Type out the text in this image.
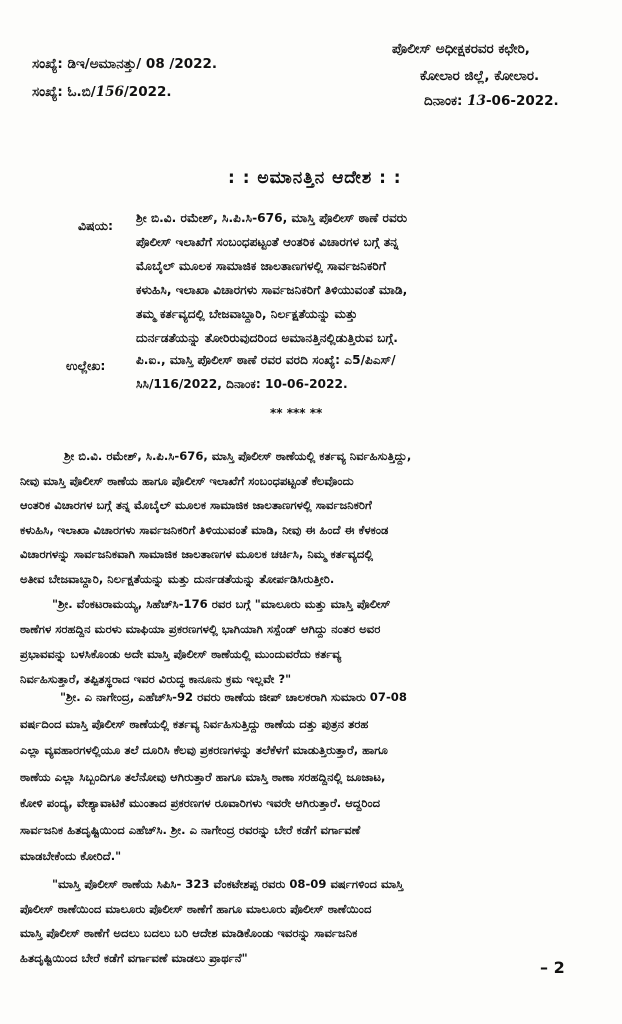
ಸಂಖ್ಯೆ: ಡಿಇ/ಅಮಾನತ್ತು/ 08 /2022.
ಸಂಖ್ಯೆ: ಓ.ಬಿ/156/2022.
ಪೊಲೀಸ್ ಅಧೀಕ್ಷಕರವರ ಕಛೇರಿ,
ಕೋಲಾರ ಜಿಲ್ಲೆ, ಕೋಲಾರ.
ದಿನಾಂಕ: 13-06-2022.
: : ಅಮಾನತ್ತಿನ ಆದೇಶ : :
ವಿಷಯ: ಶ್ರೀ ಬಿ.ವಿ. ರಮೇಶ್, ಸಿ.ಪಿ.ಸಿ-676, ಮಾಸ್ತಿ ಪೊಲೀಸ್ ಠಾಣೆ ರವರು
ಪೊಲೀಸ್ ಇಲಾಖೆಗೆ ಸಂಬಂಧಪಟ್ಟಂತೆ ಆಂತರಿಕ ವಿಚಾರಗಳ ಬಗ್ಗೆ ತನ್ನ
ಮೊಬೈಲ್ ಮೂಲಕ ಸಾಮಾಜಿಕ ಜಾಲತಾಣಗಳಲ್ಲಿ ಸಾರ್ವಜನಿಕರಿಗೆ
ಕಳುಹಿಸಿ, ಇಲಾಖಾ ವಿಚಾರಗಳು ಸಾರ್ವಜನಿಕರಿಗೆ ತಿಳಿಯುವಂತೆ ಮಾಡಿ,
ತಮ್ಮ ಕರ್ತವ್ಯದಲ್ಲಿ ಬೇಜವಾಬ್ದಾರಿ, ನಿರ್ಲಕ್ಷತೆಯನ್ನು ಮತ್ತು
ದುರ್ನಡತೆಯನ್ನು ತೋರಿರುವುದರಿಂದ ಅಮಾನತ್ತಿನಲ್ಲಿಡುತ್ತಿರುವ ಬಗ್ಗೆ.
ಉಲ್ಲೇಖ:	ಪಿ.ಐ., ಮಾಸ್ತಿ ಪೊಲೀಸ್ ಠಾಣೆ ರವರ ವರದಿ ಸಂಖ್ಯೆ: ಎ5/ಪಿಎಸ್/
ಸಿಸಿ/116/2022, ದಿನಾಂಕ: 10-06-2022.
** *** **
ಶ್ರೀ ಬಿ.ವಿ. ರಮೇಶ್, ಸಿ.ಪಿ.ಸಿ-676, ಮಾಸ್ತಿ ಪೊಲೀಸ್ ಠಾಣೆಯಲ್ಲಿ ಕರ್ತವ್ಯ ನಿರ್ವಹಿಸುತ್ತಿದ್ದು,
ನೀವು ಮಾಸ್ತಿ ಪೊಲೀಸ್ ಠಾಣೆಯ ಹಾಗೂ ಪೊಲೀಸ್ ಇಲಾಖೆಗೆ ಸಂಬಂಧಪಟ್ಟಂತೆ ಕೆಲವೊಂದು
ಆಂತರಿಕ ವಿಚಾರಗಳ ಬಗ್ಗೆ ತನ್ನ ಮೊಬೈಲ್ ಮೂಲಕ ಸಾಮಾಜಿಕ ಜಾಲತಾಣಗಳಲ್ಲಿ ಸಾರ್ವಜನಿಕರಿಗೆ
ಕಳುಹಿಸಿ, ಇಲಾಖಾ ವಿಚಾರಗಳು ಸಾರ್ವಜನಿಕರಿಗೆ ತಿಳಿಯುವಂತೆ ಮಾಡಿ, ನೀವು ಈ ಹಿಂದೆ ಈ ಕೆಳಕಂಡ
ವಿಚಾರಗಳನ್ನು ಸಾರ್ವಜನಿಕವಾಗಿ ಸಾಮಾಜಿಕ ಜಾಲತಾಣಗಳ ಮೂಲಕ ಚರ್ಚಿಸಿ, ನಿಮ್ಮ ಕರ್ತವ್ಯದಲ್ಲಿ
ಅತೀವ ಬೇಜವಾಬ್ದಾರಿ, ನಿರ್ಲಕ್ಷತೆಯನ್ನು ಮತ್ತು ದುರ್ನಡತೆಯನ್ನು ತೋರ್ಪಡಿಸಿರುತ್ತೀರಿ.
"ಶ್ರೀ. ವೆಂಕಟರಾಮಯ್ಯ, ಸಿಹೆಚ್‌ಸಿ-176 ರವರ ಬಗ್ಗೆ "ಮಾಲೂರು ಮತ್ತು ಮಾಸ್ತಿ ಪೊಲೀಸ್
ಠಾಣೆಗಳ ಸರಹದ್ದಿನ ಮರಳು ಮಾಫಿಯಾ ಪ್ರಕರಣಗಳಲ್ಲಿ ಭಾಗಿಯಾಗಿ ಸಸ್ಪೆಂಡ್ ಆಗಿದ್ದು ನಂತರ ಅವರ
ಪ್ರಭಾವವನ್ನು ಬಳಸಿಕೊಂಡು ಅದೇ ಮಾಸ್ತಿ ಪೊಲೀಸ್ ಠಾಣೆಯಲ್ಲಿ ಮುಂದುವರೆದು ಕರ್ತವ್ಯ
ನಿರ್ವಹಿಸುತ್ತಾರೆ, ತಪ್ಪಿತಸ್ಥರಾದ ಇವರ ವಿರುದ್ಧ ಕಾನೂನು ಕ್ರಮ ಇಲ್ಲವೇ ?"
"ಶ್ರೀ. ಎ ನಾಗೇಂದ್ರ, ಎಹೆಚ್‌ಸಿ-92 ರವರು ಠಾಣೆಯ ಜೀಪ್ ಚಾಲಕರಾಗಿ ಸುಮಾರು 07-08
ವರ್ಷದಿಂದ ಮಾಸ್ತಿ ಪೊಲೀಸ್ ಠಾಣೆಯಲ್ಲಿ ಕರ್ತವ್ಯ ನಿರ್ವಹಿಸುತ್ತಿದ್ದು ಠಾಣೆಯ ದತ್ತು ಪುತ್ರನ ತರಹ
ಎಲ್ಲಾ ವ್ಯವಹಾರಗಳಲ್ಲಿಯೂ ತಲೆ ದೂರಿಸಿ ಕೆಲವು ಪ್ರಕರಣಗಳನ್ನು ತಲೆಕೆಳಗೆ ಮಾಡುತ್ತಿರುತ್ತಾರೆ, ಹಾಗೂ
ಠಾಣೆಯ ಎಲ್ಲಾ ಸಿಬ್ಬಂದಿಗೂ ತಲೆನೋವು ಆಗಿರುತ್ತಾರೆ ಹಾಗೂ ಮಾಸ್ತಿ ಠಾಣಾ ಸರಹದ್ದಿನಲ್ಲಿ ಜೂಜಾಟ,
ಕೋಳಿ ಪಂದ್ಯ, ವೇಶ್ಯಾವಾಟಿಕೆ ಮುಂತಾದ ಪ್ರಕರಣಗಳ ರೂವಾರಿಗಳು ಇವರೇ ಆಗಿರುತ್ತಾರೆ. ಆದ್ದರಿಂದ
ಸಾರ್ವಜನಿಕ ಹಿತದೃಷ್ಟಿಯಿಂದ ಎಹೆಚ್‌ಸಿ. ಶ್ರೀ. ಎ ನಾಗೇಂದ್ರ ರವರನ್ನು ಬೇರೆ ಕಡೆಗೆ ವರ್ಗಾವಣೆ
ಮಾಡಬೇಕೆಂದು ಕೋರಿದೆ."
"ಮಾಸ್ತಿ ಪೊಲೀಸ್ ಠಾಣೆಯ ಸಿಪಿಸಿ- 323 ವೆಂಕಟೇಶಪ್ಪ ರವರು 08-09 ವರ್ಷಗಳಿಂದ ಮಾಸ್ತಿ
ಪೊಲೀಸ್ ಠಾಣೆಯಿಂದ ಮಾಲೂರು ಪೊಲೀಸ್ ಠಾಣೆಗೆ ಹಾಗೂ ಮಾಲೂರು ಪೊಲೀಸ್ ಠಾಣೆಯಿಂದ
ಮಾಸ್ತಿ ಪೊಲೀಸ್ ಠಾಣೆಗೆ ಅದಲು ಬದಲು ಬರಿ ಆದೇಶ ಮಾಡಿಕೊಂಡು ಇವರನ್ನು ಸಾರ್ವಜನಿಕ
ಹಿತದೃಷ್ಟಿಯಿಂದ ಬೇರೆ ಕಡೆಗೆ ವರ್ಗಾವಣೆ ಮಾಡಲು ಪ್ರಾರ್ಥನೆ"
– 2
